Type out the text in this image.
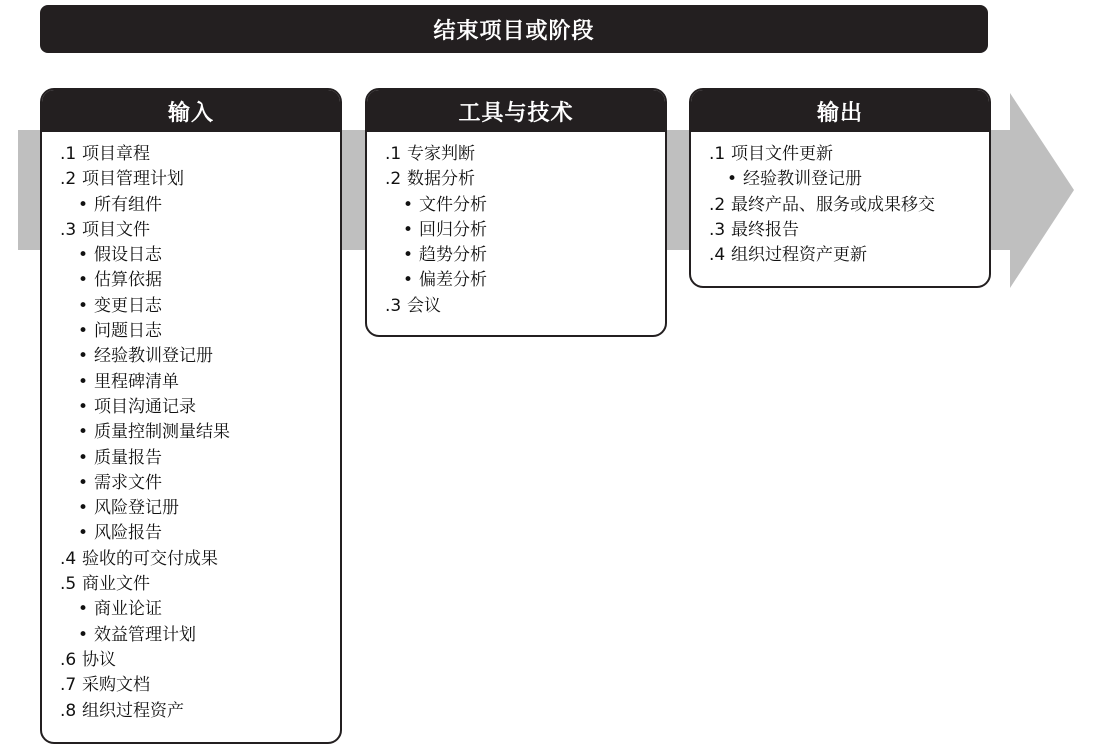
结束项目或阶段
输入
.1 项目章程
.2 项目管理计划
• 所有组件
.3 项目文件
• 假设日志
• 估算依据
• 变更日志
• 问题日志
• 经验教训登记册
• 里程碑清单
• 项目沟通记录
• 质量控制测量结果
• 质量报告
• 需求文件
• 风险登记册
• 风险报告
.4 验收的可交付成果
.5 商业文件
• 商业论证
• 效益管理计划
.6 协议
.7 采购文档
.8 组织过程资产
工具与技术
.1 专家判断
.2 数据分析
• 文件分析
• 回归分析
• 趋势分析
• 偏差分析
.3 会议
输出
.1 项目文件更新
• 经验教训登记册
.2 最终产品、服务或成果移交
.3 最终报告
.4 组织过程资产更新
